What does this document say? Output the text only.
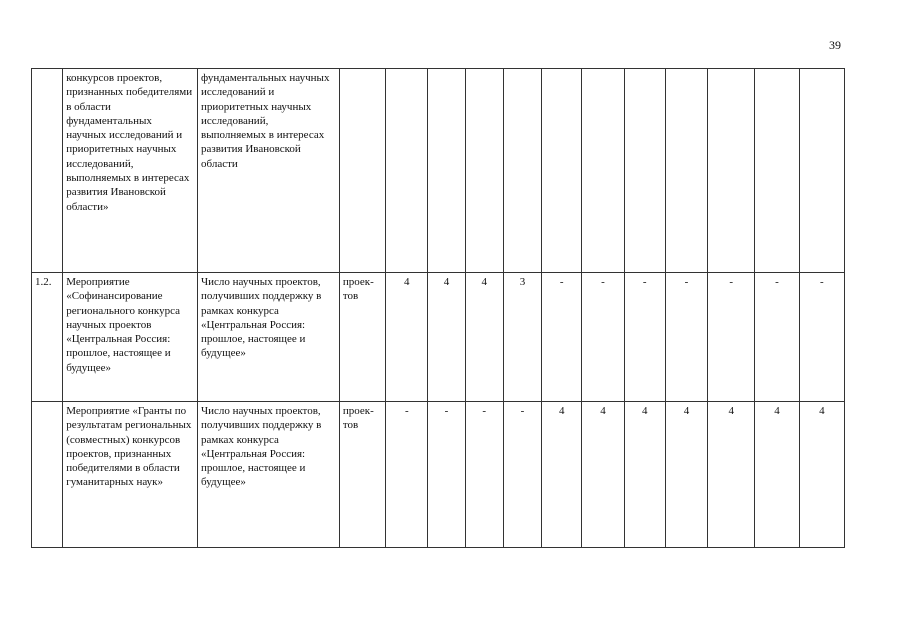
39
	конкурсов проектов, признанных победителями в области фундаментальных научных исследований и приоритетных научных исследований, выполняемых в интересах развития Ивановской области»	фундаментальных научных исследований и приоритетных научных исследований, выполняемых в интересах развития Ивановской области												
1.2.	Мероприятие «Софинансирование регионального конкурса научных проектов «Центральная Россия: прошлое, настоящее и будущее»	Число научных проектов, получивших поддержку в рамках конкурса «Центральная Россия: прошлое, настоящее и будущее»	проек-тов	4	4	4	3	-	-	-	-	-	-	-
	Мероприятие «Гранты по результатам региональных (совместных) конкурсов проектов, признанных победителями в области гуманитарных наук»	Число научных проектов, получивших поддержку в рамках конкурса «Центральная Россия: прошлое, настоящее и будущее»	проек-тов	-	-	-	-	4	4	4	4	4	4	4
